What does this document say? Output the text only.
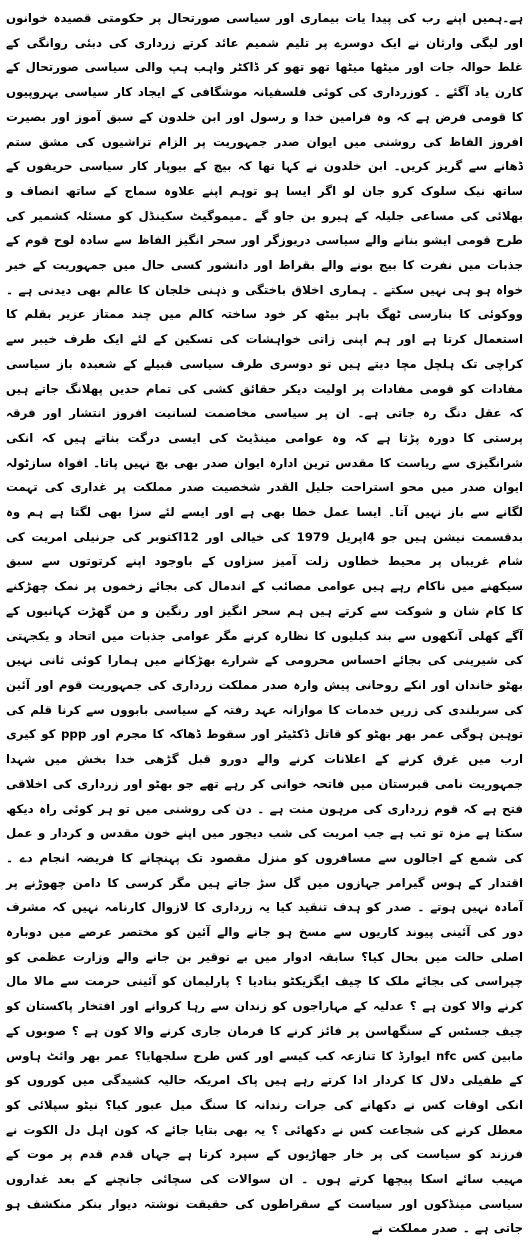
ہے۔ہمیں اپنے رب کی پیدا یات بیماری اور سیاسی صورتحال پر حکومتی قصیدہ خوانوں اور لیگی وارثان نے ایک دوسرے پر تلیم شمیم عائد کرتے زرداری کی دبئی روانگی کے غلط حوالہ جات اور میٹھا میٹھا تھو تھو کر ڈاکٹر واہب ہپ والی سیاسی صورتحال کے کارن یاد آگئے ۔ کوزرداری کی کوئی فلسفیانہ موشگافی کے ایجاد کار سیاسی بہروپیوں کا قومی فرض ہے کہ وہ فرامین خدا و رسول اور ابن خلدون کے سبق آموز اور بصیرت افروز الفاظ کی روشنی میں ایوان صدر جمہوریت پر الزام تراشیوں کی مشق ستم ڈھانے سے گریز کریں۔ ابن خلدون نے کہا تھا کہ بیچ کے بیوپار کار سیاسی حریفوں کے ساتھ نیک سلوک کرو جان لو اگر ایسا ہو توہم اپنے علاوہ سماج کے ساتھ انصاف و بھلائی کی مساعی جلیلہ کے ہیرو بن جاو گے ۔میموگیٹ سکینڈل کو مسئلہ کشمیر کی طرح قومی ایشو بنانے والے سیاسی دریوزگر اور سحر انگیز الفاظ سے سادہ لوح قوم کے جذبات میں نفرت کا بیج بونے والے بقراط اور دانشور کسی حال میں جمہوریت کے خیر خواہ ہو ہی نہیں سکتے ۔ ہماری اخلاق باختگی و ذہنی خلجان کا عالم بھی دیدنی ہے ۔ ووکوئی کا بنارسی ٹھگ باہر بیٹھ کر خود ساختہ کالم میں چند ممتاز عزیر بقلم کا استعمال کرتا ہے اور ہم اپنی زاتی خواہشات کی تسکین کے لئے ایک طرف خیبر سے کراچی تک ہلچل مچا دیتے ہیں تو دوسری طرف سیاسی قبیلے کے شعبدہ باز سیاسی مفادات کو قومی مفادات پر اولیت دیکر حقائق کشی کی تمام حدیں پھلانگ جاتے ہیں کہ عقل دنگ رہ جاتی ہے۔ ان پر سیاسی مخاصمت لسانیت افروز انتشار اور فرقہ پرستی کا دورہ پڑتا ہے کہ وہ عوامی مینڈیٹ کی ایسی درگت بناتے ہیں کہ انکی شرانگیزی سے ریاست کا مقدس ترین ادارہ ایوان صدر بھی بچ نہیں پاتا۔ افواہ سازٹولہ ایوان صدر میں محو استراحت جلیل القدر شخصیت صدر مملکت پر غداری کی تہمت لگانے سے باز نہیں آتا۔ ایسا عمل خطا بھی ہے اور ایسے لئے سزا بھی لگتا ہے ہم وہ بدقسمت نیشن ہیں جو 4اپریل 1979 کی خیالی اور 12اکتوبر کی جرنیلی امریت کی شام غریباں پر محیط خطاوں زلت آمیز سزاوں کے باوجود اپنے کرتوتوں سے سبق سیکھنے میں ناکام رہے ہیں عوامی مصائب کے اندمال کی بجائے زخموں پر نمک چھڑکنے کا کام شان و شوکت سے کرتے ہیں ہم سحر انگیز اور رنگین و من گھڑت کہانیوں کے آگے کھلی آنکھوں سے بند کبلیوں کا نظارہ کرنے مگر عوامی جذبات میں اتحاد و یکجہتی کی شیرینی کی بجائے احساس محرومی کے شرارے بھڑکانے میں ہمارا کوئی ثانی نہیں بھٹو خاندان اور انکے روحانی پیش وارہ صدر مملکت زرداری کی جمہوریت قوم اور آئین کی سربلندی کی زریں خدمات کا موازانہ عہد رفتہ کے سیاسی بابووں سے کرنا قلم کی توہین ہوگی عمر بھر بھٹو کو قاتل ڈکٹیٹر اور سقوط ڈھاکہ کا مجرم اور ppp کو کیری ارب میں غرق کرنے کے اعلانات کرنے والے دورو قبل گڑھی خدا بخش میں شہدا جمہوریت نامی قبرستان میں فاتحہ خوانی کر رہے تھے جو بھٹو اور زرداری کی اخلاقی فتح ہے کہ قوم زرداری کی مرہون منت ہے ۔ دن کی روشنی میں تو ہر کوئی راہ دیکھ سکتا ہے مزہ تو تب ہے جب امریت کی شب دیجور میں اپنے خون مقدس و کردار و عمل کی شمع کے اجالوں سے مسافروں کو منزل مقصود تک پہنچانے کا فریضہ انجام دے ۔ اقتدار کے ہوس گیرامر جہازوں میں گل سڑ جاتے ہیں مگر کرسی کا دامن چھوڑنے پر آمادہ نہیں ہوتے ۔ صدر کو ہدف تنقید کیا یہ زرداری کا لازوال کارنامہ نہیں کہ مشرف دور کی آئینی پیوند کاریوں سے مسخ ہو جانے والے آئین کو مختصر عرصے میں دوبارہ اصلی حالت میں بحال کیا؟ سابقہ ادوار میں بے توقیر بن جانے والے وزارت عظمی کو چپراسی کی بجائے ملک کا چیف ایگزیکٹو بنادیا ؟ پارلیمان کو آئینی حرمت سے مالا مال کرنے والا کون ہے ؟ عدلیہ کے مہاراجوں کو زندان سے رہا کروانے اور افتخار پاکستان کو چیف جسٹس کے سنگھاسن پر فائز کرنے کا فرمان جاری کرنے والا کون ہے ؟ صوبوں کے مابین کس nfc ایوارڈ کا تنازعہ کب کیسے اور کس طرح سلجھایا؟ عمر بھر وائٹ ہاوس کے طفیلی دلال کا کردار ادا کرتے رہے ہیں پاک امریکہ حالیہ کشیدگی میں کوروں کو انکی اوقات کس نے دکھانے کی جرات رندانہ کا سنگ میل عبور کیا؟ نیٹو سپلائی کو معطل کرنے کی شجاعت کس نے دکھائی ؟ یہ بھی بتایا جائے کہ کون اہل دل الکوت نے فرزند کو سیاست کی پر خار جھاڑیوں کے سپرد کرتا ہے جہاں قدم قدم پر موت کے مہیب سائے اسکا پیچھا کرتے ہوں ۔ ان سوالات کی سچائی جانچنے کے بعد غداروں سیاسی مینڈکوں اور سیاست کے سقراطوں کی حقیقت نوشتہ دیوار بنکر منکشف ہو جاتی ہے ۔ صدر مملکت نے
